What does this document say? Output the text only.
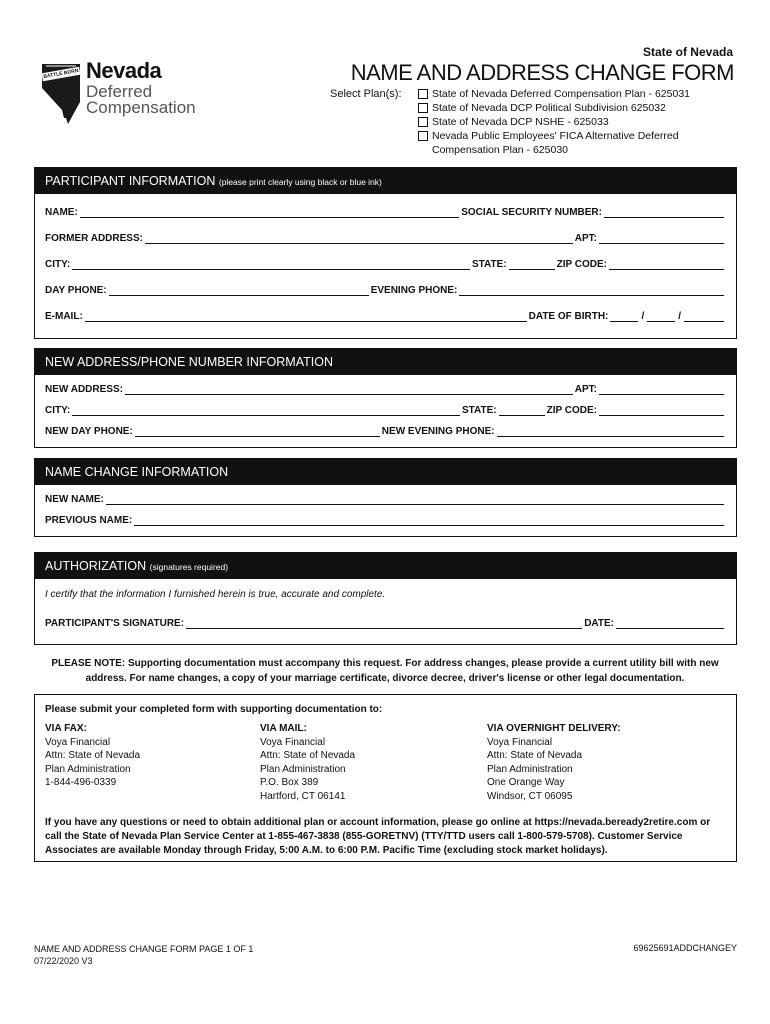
State of Nevada
NAME AND ADDRESS CHANGE FORM
BATTLE BORN Nevada
Deferred
Compensation
Select Plan(s):	State of Nevada Deferred Compensation Plan - 625031
State of Nevada DCP Political Subdivision 625032
State of Nevada DCP NSHE - 625033
Nevada Public Employees' FICA Alternative Deferred
Compensation Plan - 625030
PARTICIPANT INFORMATION (please print clearly using black or blue ink)
NAME:	SOCIAL SECURITY NUMBER:
FORMER ADDRESS:	APT:
CITY:	STATE:	ZIP CODE:
DAY PHONE:	EVENING PHONE:
E-MAIL:	DATE OF BIRTH:	/	/
NEW ADDRESS/PHONE NUMBER INFORMATION
NEW ADDRESS:	APT:
CITY:	STATE:	ZIP CODE:
NEW DAY PHONE:	NEW EVENING PHONE:
NAME CHANGE INFORMATION
NEW NAME:
PREVIOUS NAME:
AUTHORIZATION (signatures required)
I certify that the information I furnished herein is true, accurate and complete.
PARTICIPANT'S SIGNATURE:	DATE:
PLEASE NOTE: Supporting documentation must accompany this request. For address changes, please provide a current utility bill with new address. For name changes, a copy of your marriage certificate, divorce decree, driver's license or other legal documentation.
Please submit your completed form with supporting documentation to:
VIA FAX:
Voya Financial
Attn: State of Nevada
Plan Administration
1-844-496-0339
VIA MAIL:
Voya Financial
Attn: State of Nevada
Plan Administration
P.O. Box 389
Hartford, CT 06141
VIA OVERNIGHT DELIVERY:
Voya Financial
Attn: State of Nevada
Plan Administration
One Orange Way
Windsor, CT 06095
If you have any questions or need to obtain additional plan or account information, please go online at https://nevada.beready2retire.com or call the State of Nevada Plan Service Center at 1-855-467-3838 (855-GORETNV) (TTY/TTD users call 1-800-579-5708). Customer Service Associates are available Monday through Friday, 5:00 A.M. to 6:00 P.M. Pacific Time (excluding stock market holidays).
NAME AND ADDRESS CHANGE FORM PAGE 1 OF 1
07/22/2020 V3
69625691ADDCHANGEY
